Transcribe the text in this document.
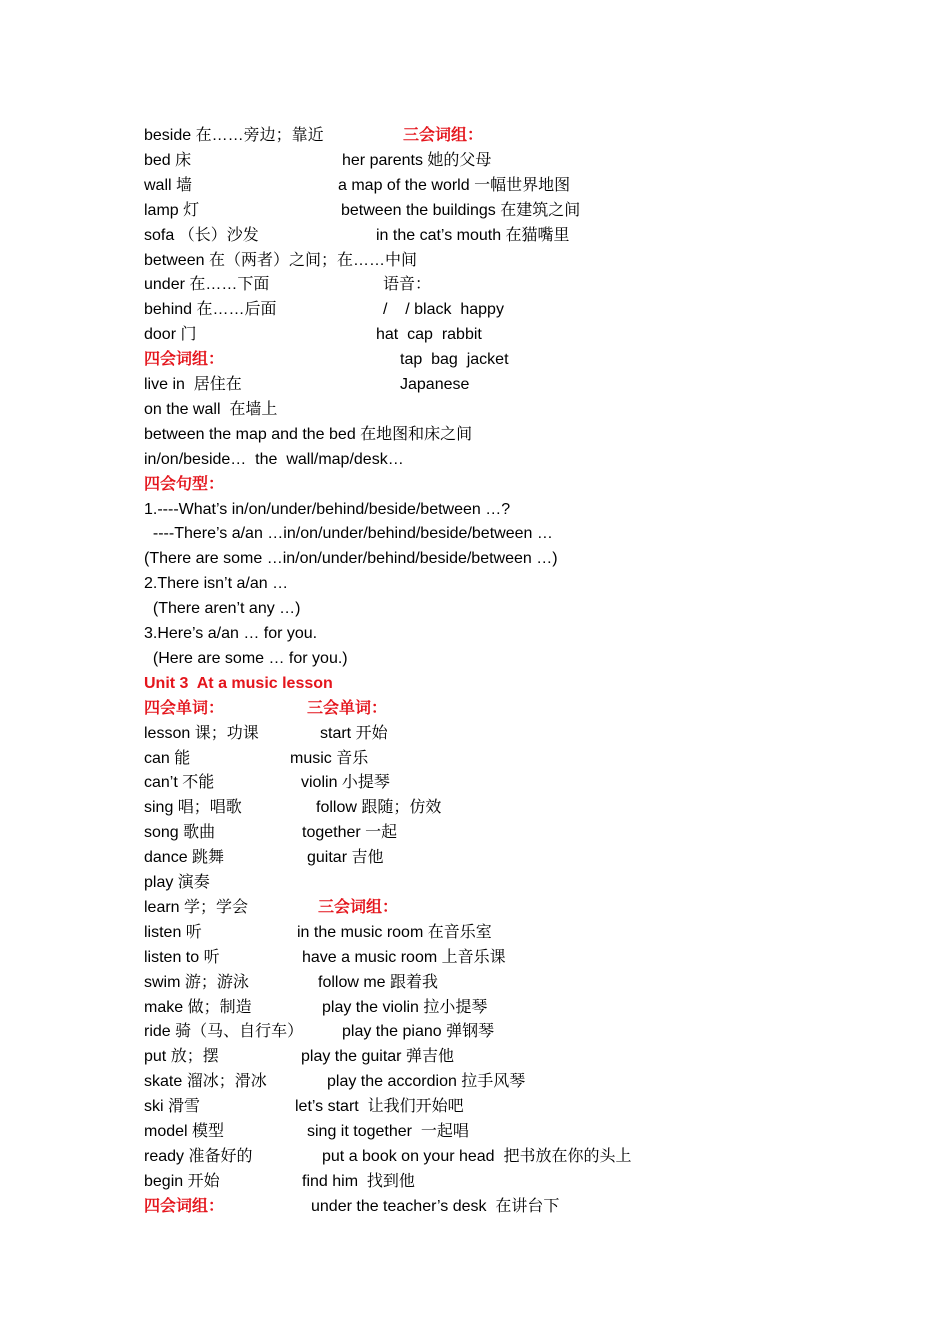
beside 在……旁边；靠近	三会词组：
bed 床	her parents 她的父母
wall 墙	a map of the world 一幅世界地图
lamp 灯	between the buildings 在建筑之间
sofa （长）沙发	in the cat’s mouth 在猫嘴里
between 在（两者）之间；在……中间
under 在……下面	语音：
behind 在……后面	/    / black  happy
door 门	hat  cap  rabbit
四会词组：	tap  bag  jacket
live in  居住在	Japanese
on the wall  在墙上
between the map and the bed 在地图和床之间
in/on/beside…  the  wall/map/desk…
四会句型：
1.----What’s in/on/under/behind/beside/between …?
----There’s a/an …in/on/under/behind/beside/between …
(There are some …in/on/under/behind/beside/between …)
2.There isn’t a/an …
(There aren’t any …)
3.Here’s a/an … for you.
(Here are some … for you.)
Unit 3  At a music lesson
四会单词：	三会单词：
lesson 课；功课	start 开始
can 能	music 音乐
can’t 不能	violin 小提琴
sing 唱；唱歌	follow 跟随；仿效
song 歌曲	together 一起
dance 跳舞	guitar 吉他
play 演奏
learn 学；学会	三会词组：
listen 听	in the music room 在音乐室
listen to 听	have a music room 上音乐课
swim 游；游泳	follow me 跟着我
make 做；制造	play the violin 拉小提琴
ride 骑（马、自行车） play the piano 弹钢琴
put 放；摆	play the guitar 弹吉他
skate 溜冰；滑冰	play the accordion 拉手风琴
ski 滑雪	let’s start  让我们开始吧
model 模型	sing it together  一起唱
ready 准备好的	put a book on your head  把书放在你的头上
begin 开始	find him  找到他
四会词组：	under the teacher’s desk  在讲台下
